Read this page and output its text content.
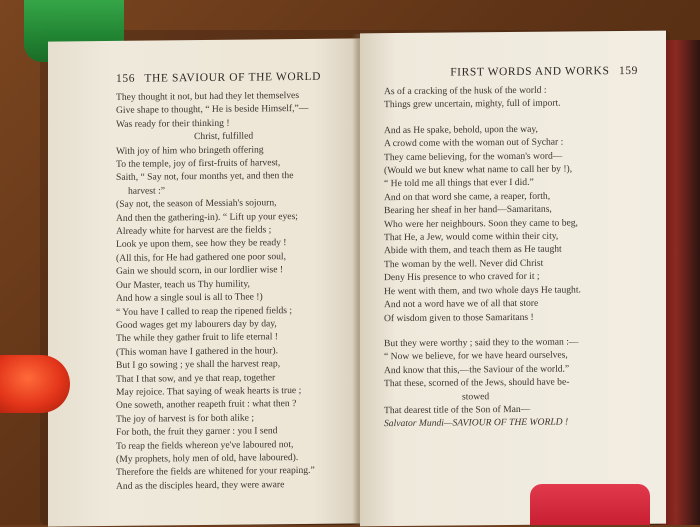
156 THE SAVIOUR OF THE WORLD
They thought it not, but had they let themselves
Give shape to thought, “ He is beside Himself,”—
Was ready for their thinking !
Christ, fulfilled
With joy of him who bringeth offering
To the temple, joy of first-fruits of harvest,
Saith, “ Say not, four months yet, and then the
harvest :”
(Say not, the season of Messiah's sojourn,
And then the gathering-in). “ Lift up your eyes;
Already white for harvest are the fields ;
Look ye upon them, see how they be ready !
(All this, for He had gathered one poor soul,
Gain we should scorn, in our lordlier wise !
Our Master, teach us Thy humility,
And how a single soul is all to Thee !)
“ You have I called to reap the ripened fields ;
Good wages get my labourers day by day,
The while they gather fruit to life eternal !
(This woman have I gathered in the hour).
But I go sowing ; ye shall the harvest reap,
That I that sow, and ye that reap, together
May rejoice. That saying of weak hearts is true ;
One soweth, another reapeth fruit : what then ?
The joy of harvest is for both alike ;
For both, the fruit they garner : you I send
To reap the fields whereon ye've laboured not,
(My prophets, holy men of old, have laboured).
Therefore the fields are whitened for your reaping.”
And as the disciples heard, they were aware
FIRST WORDS AND WORKS 159
As of a cracking of the husk of the world :
Things grew uncertain, mighty, full of import.
And as He spake, behold, upon the way,
A crowd come with the woman out of Sychar :
They came believing, for the woman's word—
(Would we but knew what name to call her by !),
“ He told me all things that ever I did.”
And on that word she came, a reaper, forth,
Bearing her sheaf in her hand—Samaritans,
Who were her neighbours. Soon they came to beg,
That He, a Jew, would come within their city,
Abide with them, and teach them as He taught
The woman by the well. Never did Christ
Deny His presence to who craved for it ;
He went with them, and two whole days He taught.
And not a word have we of all that store
Of wisdom given to those Samaritans !
But they were worthy ; said they to the woman :—
“ Now we believe, for we have heard ourselves,
And know that this,—the Saviour of the world.”
That these, scorned of the Jews, should have be-
stowed
That dearest title of the Son of Man—
Salvator Mundi—SAVIOUR OF THE WORLD !
